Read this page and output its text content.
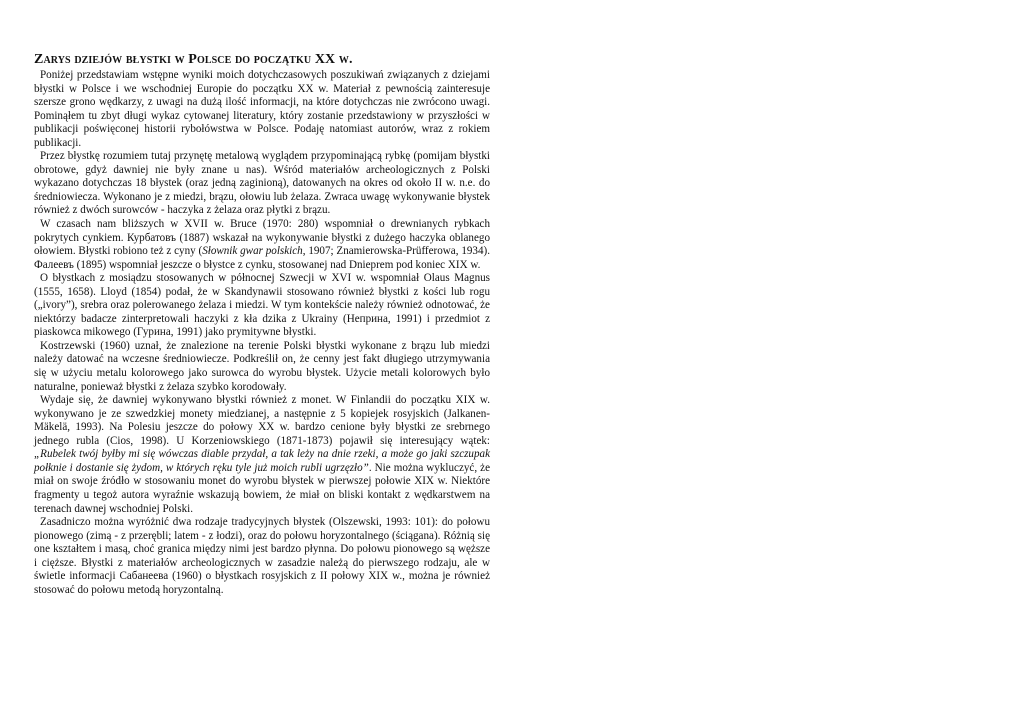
Zarys dziejów błystki w Polsce do początku XX w.

Poniżej przedstawiam wstępne wyniki moich dotychczasowych poszukiwań związanych z dziejami błystki w Polsce i we wschodniej Europie do początku XX w. Materiał z pewnością zainteresuje szersze grono wędkarzy, z uwagi na dużą ilość informacji, na które dotychczas nie zwrócono uwagi. Pominąłem tu zbyt długi wykaz cytowanej literatury, który zostanie przedstawiony w przyszłości w publikacji poświęconej historii rybołówstwa w Polsce. Podaję natomiast autorów, wraz z rokiem publikacji.

Przez błystkę rozumiem tutaj przynętę metalową wyglądem przypominającą rybkę (pomijam błystki obrotowe, gdyż dawniej nie były znane u nas). Wśród materiałów archeologicznych z Polski wykazano dotychczas 18 błystek (oraz jedną zaginioną), datowanych na okres od około II w. n.e. do średniowiecza. Wykonano je z miedzi, brązu, ołowiu lub żelaza. Zwraca uwagę wykonywanie błystek również z dwóch surowców - haczyka z żelaza oraz płytki z brązu.

W czasach nam bliższych w XVII w. Bruce (1970: 280) wspomniał o drewnianych rybkach pokrytych cynkiem. Курбатовъ (1887) wskazał na wykonywanie błystki z dużego haczyka oblanego ołowiem. Błystki robiono też z cyny (Słownik gwar polskich, 1907; Znamierowska-Prüfferowa, 1934). Фалеевъ (1895) wspomniał jeszcze o błystce z cynku, stosowanej nad Dnieprem pod koniec XIX w.

O błystkach z mosiądzu stosowanych w północnej Szwecji w XVI w. wspomniał Olaus Magnus (1555, 1658). Lloyd (1854) podał, że w Skandynawii stosowano również błystki z kości lub rogu („ivory”), srebra oraz polerowanego żelaza i miedzi. W tym kontekście należy również odnotować, że niektórzy badacze zinterpretowali haczyki z kła dzika z Ukrainy (Неприна, 1991) i przedmiot z piaskowca mikowego (Гурина, 1991) jako prymitywne błystki.

Kostrzewski (1960) uznał, że znalezione na terenie Polski błystki wykonane z brązu lub miedzi należy datować na wczesne średniowiecze. Podkreślił on, że cenny jest fakt długiego utrzymywania się w użyciu metalu kolorowego jako surowca do wyrobu błystek. Użycie metali kolorowych było naturalne, ponieważ błystki z żelaza szybko korodowały.

Wydaje się, że dawniej wykonywano błystki również z monet. W Finlandii do początku XIX w. wykonywano je ze szwedzkiej monety miedzianej, a następnie z 5 kopiejek rosyjskich (Jalkanen-Mäkelä, 1993). Na Polesiu jeszcze do połowy XX w. bardzo cenione były błystki ze srebrnego jednego rubla (Cios, 1998). U Korzeniowskiego (1871-1873) pojawił się interesujący wątek: „Rubelek twój byłby mi się wówczas diable przydał, a tak leży na dnie rzeki, a może go jaki szczupak połknie i dostanie się żydom, w których ręku tyle już moich rubli ugrzęzło”. Nie można wykluczyć, że miał on swoje źródło w stosowaniu monet do wyrobu błystek w pierwszej połowie XIX w. Niektóre fragmenty u tegoż autora wyraźnie wskazują bowiem, że miał on bliski kontakt z wędkarstwem na terenach dawnej wschodniej Polski.

Zasadniczo można wyróżnić dwa rodzaje tradycyjnych błystek (Olszewski, 1993: 101): do połowu pionowego (zimą - z przerębli; latem - z łodzi), oraz do połowu horyzontalnego (ściągana). Różnią się one kształtem i masą, choć granica między nimi jest bardzo płynna. Do połowu pionowego są węższe i cięższe. Błystki z materiałów archeologicznych w zasadzie należą do pierwszego rodzaju, ale w świetle informacji Сабанеева (1960) o błystkach rosyjskich z II połowy XIX w., można je również stosować do połowu metodą horyzontalną.
